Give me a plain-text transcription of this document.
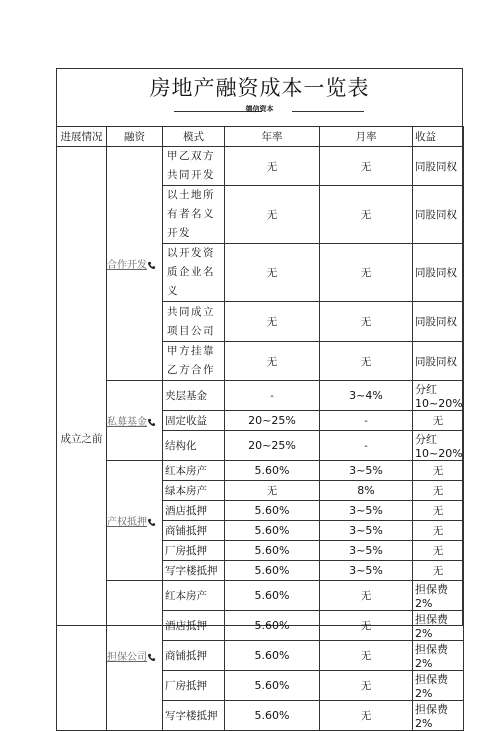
房地产融资成本一览表
德信资本
进展情况	融资	模式	年率	月率	收益
成立之前	合作开发	甲乙双方共同开发	无	无	同股同权
		以土地所有者名义开发	无	无	同股同权
		以开发资质企业名义	无	无	同股同权
		共同成立项目公司	无	无	同股同权
		甲方挂靠乙方合作	无	无	同股同权
	私募基金	夹层基金	-	3~4%	分红10~20%
		固定收益	20~25%	-	无
		结构化	20~25%	-	分红10~20%
	产权抵押	红本房产	5.60%	3~5%	无
		绿本房产	无	8%	无
		酒店抵押	5.60%	3~5%	无
		商铺抵押	5.60%	3~5%	无
		厂房抵押	5.60%	3~5%	无
		写字楼抵押	5.60%	3~5%	无
	担保公司	红本房产	5.60%	无	担保费2%
		酒店抵押	5.60%	无	担保费2%
		商铺抵押	5.60%	无	担保费2%
		厂房抵押	5.60%	无	担保费2%
		写字楼抵押	5.60%	无	担保费2%
